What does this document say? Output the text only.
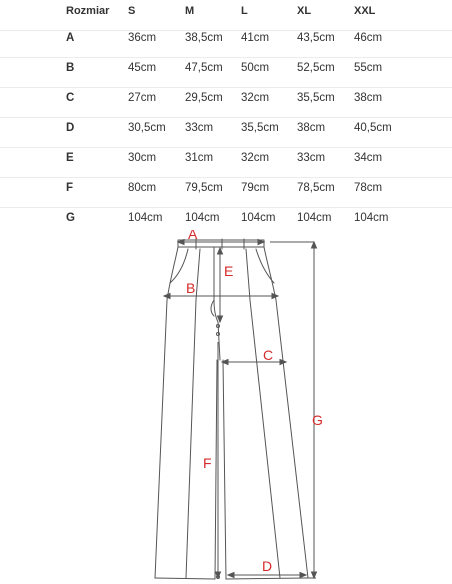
Rozmiar S	M	L	XL	XXL
A	36cm	38,5cm 41cm 43,5cm 46cm
B	45cm	47,5cm 50cm 52,5cm 55cm
C	27cm	29,5cm 32cm 35,5cm 38cm
D	30,5cm 33cm 35,5cm 38cm	40,5cm
E	30cm	31cm 32cm 33cm	34cm
F	80cm	79,5cm 79cm 78,5cm 78cm
G	104cm 104cm 104cm 104cm 104cm
A
B
E
C
G
F
D
